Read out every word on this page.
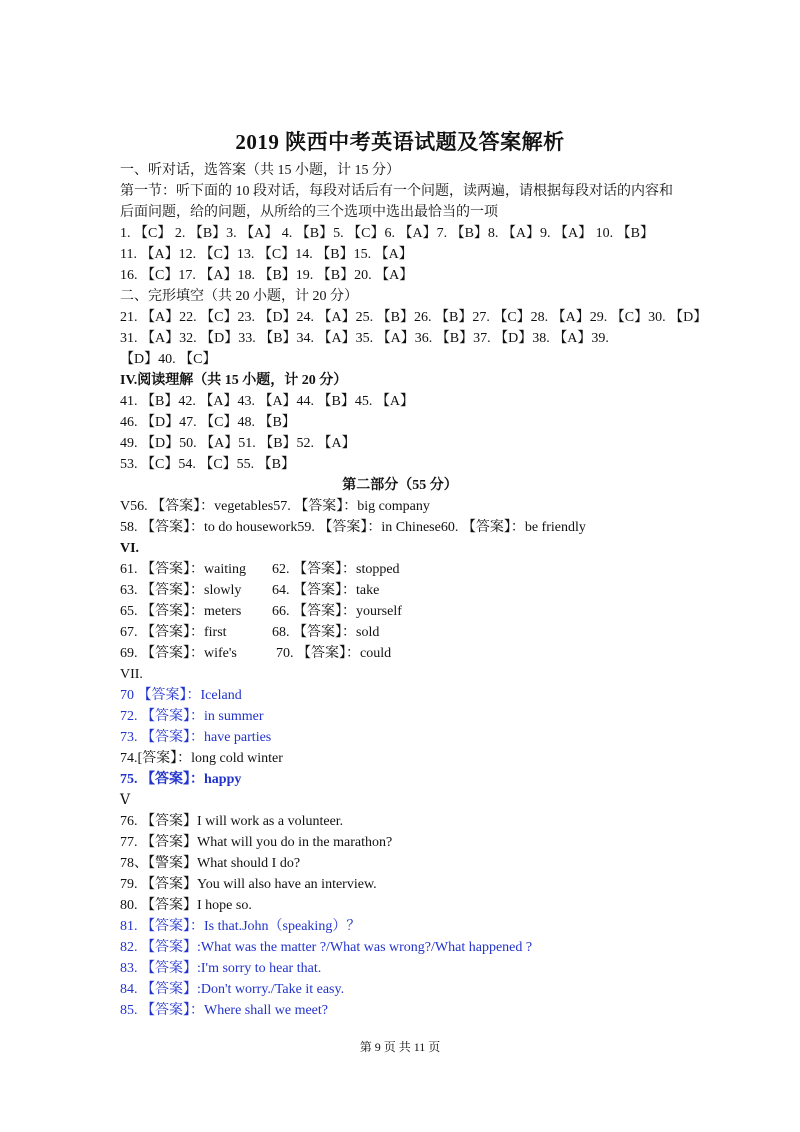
2019 陕西中考英语试题及答案解析
一、听对话，选答案（共 15 小题，计 15 分）
第一节：听下面的 10 段对话，每段对话后有一个问题，读两遍，请根据每段对话的内容和
后面问题，给的问题，从所给的三个选项中选出最恰当的一项
1. 【C】 2. 【B】3. 【A】 4. 【B】5. 【C】6. 【A】7. 【B】8. 【A】9. 【A】 10. 【B】
11. 【A】12. 【C】13. 【C】14. 【B】15. 【A】
16. 【C】17. 【A】18. 【B】19. 【B】20. 【A】
二、完形填空（共 20 小题，计 20 分）
21. 【A】22. 【C】23. 【D】24. 【A】25. 【B】26. 【B】27. 【C】28. 【A】29. 【C】30. 【D】
31. 【A】32. 【D】33. 【B】34. 【A】35. 【A】36. 【B】37. 【D】38. 【A】39.
【D】40. 【C】
IV.阅读理解（共 15 小题，计 20 分）
41. 【B】42. 【A】43. 【A】44. 【B】45. 【A】
46. 【D】47. 【C】48. 【B】
49. 【D】50. 【A】51. 【B】52. 【A】
53. 【C】54. 【C】55. 【B】
第二部分（55 分）
V56. 【答案】：vegetables57. 【答案】：big company
58. 【答案】：to do housework59. 【答案】：in Chinese60. 【答案】：be friendly
VI.
61. 【答案】：waiting 62. 【答案】：stopped
63. 【答案】：slowly 64. 【答案】：take
65. 【答案】：meters 66. 【答案】：yourself
67. 【答案】：first	68. 【答案】：sold
69. 【答案】：wife's	70. 【答案】：could
VII.
70 【答案】：Iceland
72. 【答案】：in summer
73. 【答案】：have parties
74.[答案】：long cold winter
75. 【答案】：happy
Ⅴ
76. 【答案】I will work as a volunteer.
77. 【答案】What will you do in the marathon?
78、【警案】What should I do?
79. 【答案】You will also have an interview.
80. 【答案】I hope so.
81. 【答案】：Is that.John（speaking）？
82. 【答案】:What was the matter ?/What was wrong?/What happened ?
83. 【答案】:I'm sorry to hear that.
84. 【答案】:Don't worry./Take it easy.
85. 【答案】：Where shall we meet?
第 9 页 共 11 页
